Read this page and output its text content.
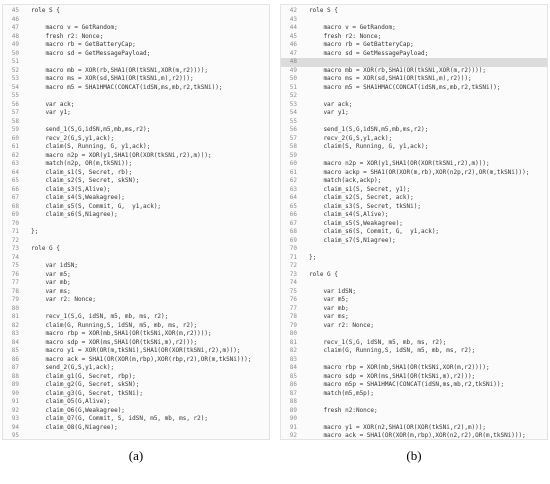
45	role S {
46
47	macro v = GetRandom;
48	fresh r2: Nonce;
49	macro rb = GetBatteryCap;
50	macro sd = GetMessagePayload;
51
52	macro mb = XOR(rb,SHA1(OR(tkSNi,XOR(m,r2))));
53	macro ms = XOR(sd,SHA1(OR(tkSNi,m),r2)));
54	macro m5 = SHA1HMAC(CONCAT(idSN,ms,mb,r2,tkSNi));
55
56	var ack;
57	var y1;
58
59	send_1(S,G,idSN,m5,mb,ms,r2);
60	recv_2(G,S,y1,ack);
61	claim(S, Running, G, y1,ack);
62	macro n2p = XOR(y1,SHA1(OR(XOR(tkSNi,r2),m)));
63	match(n2p, OR(m,tkSNi));
64	claim_s1(S, Secret, rb);
65	claim_s2(S, Secret, skSN);
66	claim_s3(S,Alive);
67	claim_s4(S,Weakagree);
68	claim_s5(S, Commit, G,  y1,ack);
69	claim_s6(S,Niagree);
70
71	};
72
73	role G {
74
75	var idSN;
76	var m5;
77	var mb;
78	var ms;
79	var r2: Nonce;
80
81	recv_1(S,G, idSN, m5, mb, ms, r2);
82	claim(G, Running,S, idSN, m5, mb, ms, r2);
83	macro rbp = XOR(mb,SHA1(OR(tkSNi,XOR(m,r2))));
84	macro sdp = XOR(ms,SHA1(OR(tkSNi,m),r2)));
85	macro y1 = XOR(OR(m,tkSNi),SHA1(OR(XOR(tkSNi,r2),m)));
86	macro ack = SHA1(OR(XOR(m,rbp),XOR(rbp,r2),OR(m,tkSNi)));
87	send_2(G,S,y1,ack);
88	claim_g1(G, Secret, rbp);
89	claim_g2(G, Secret, skSN);
90	claim_g3(G, Secret, tkSNi);
91	claim_O5(G,Alive);
92	claim_O6(G,Weakagree);
93	claim_O7(G, Commit, S, idSN, m5, mb, ms, r2);
94	claim_O8(G,Niagree);
95
42	role S {
43
44	macro v = GetRandom;
45	fresh r2: Nonce;
46	macro rb = GetBatteryCap;
47	macro sd = GetMessagePayload;
48
49	macro mb = XOR(rb,SHA1(OR(tkSNi,XOR(m,r2))));
50	macro ms = XOR(sd,SHA1(OR(tkSNi,m),r2)));
51	macro m5 = SHA1HMAC(CONCAT(idSN,ms,mb,r2,tkSNi));
52
53	var ack;
54	var y1;
55
56	send_1(S,G,idSN,m5,mb,ms,r2);
57	recv_2(G,S,y1,ack);
58	claim(S, Running, G, y1,ack);
59
60	macro n2p = XOR(y1,SHA1(OR(XOR(tkSNi,r2),m)));
61	macro ackp = SHA1(OR(XOR(m,rb),XOR(n2p,r2),OR(m,tkSNi)));
62	match(ack,ackp);
63	claim_s1(S, Secret, y1);
64	claim_s2(S, Secret, ack);
65	claim_s3(S, Secret, tkSNi);
66	claim_s4(S,Alive);
67	claim_s5(S,Weakagree);
68	claim_s6(S, Commit, G,  y1,ack);
69	claim_s7(S,Niagree);
70
71	};
72
73	role G {
74
75	var idSN;
76	var m5;
77	var mb;
78	var ms;
79	var r2: Nonce;
80
81	recv_1(S,G, idSN, m5, mb, ms, r2);
82	claim(G, Running,S, idSN, m5, mb, ms, r2);
83
84	macro rbp = XOR(mb,SHA1(OR(tkSNi,XOR(m,r2))));
85	macro sdp = XOR(ms,SHA1(OR(tkSNi,m),r2)));
86	macro m5p = SHA1HMAC(CONCAT(idSN,ms,mb,r2,tkSNi));
87	match(m5,m5p);
88
89	fresh n2:Nonce;
90
91	macro y1 = XOR(n2,SHA1(OR(XOR(tkSNi,r2),m)));
92	macro ack = SHA1(OR(XOR(m,rbp),XOR(n2,r2),OR(m,tkSNi)));
(a)	(b)
